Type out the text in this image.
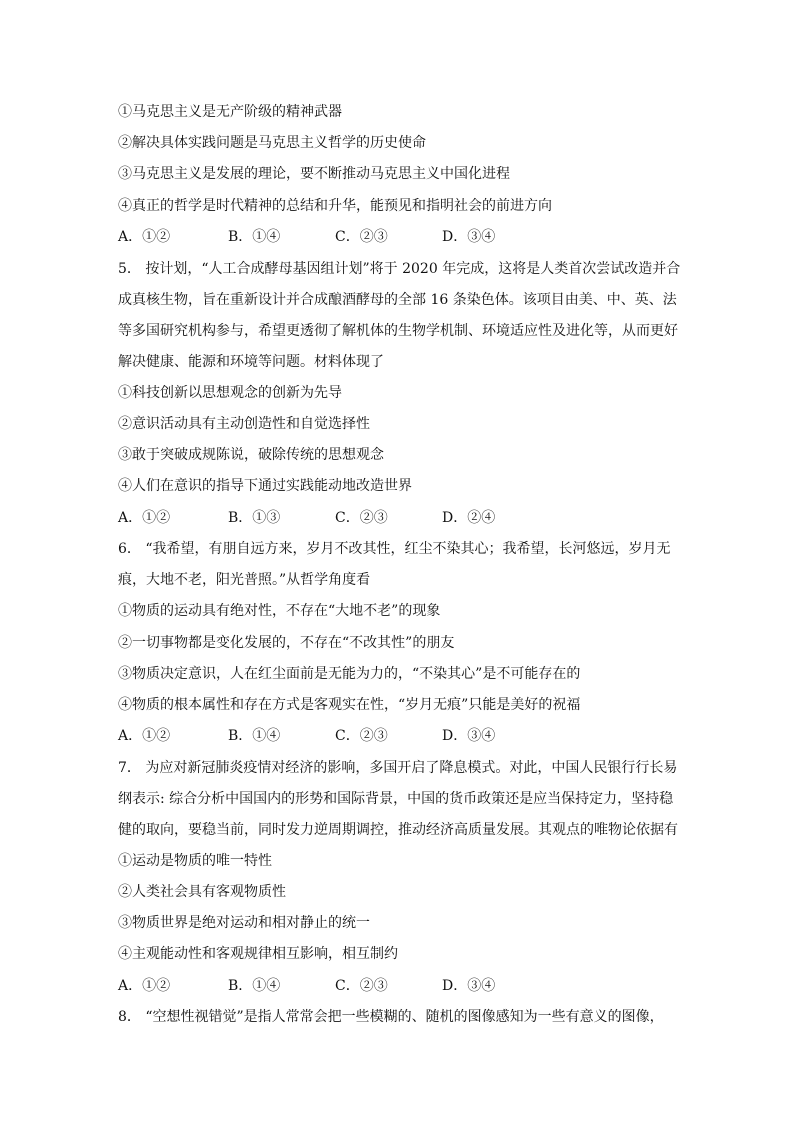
①马克思主义是无产阶级的精神武器
②解决具体实践问题是马克思主义哲学的历史使命
③马克思主义是发展的理论，要不断推动马克思主义中国化进程
④真正的哲学是时代精神的总结和升华，能预见和指明社会的前进方向
A．①②	B．①④	C．②③	D．③④
5． 按计划，“人工合成酵母基因组计划”将于 2020 年完成，这将是人类首次尝试改造并合
成真核生物，旨在重新设计并合成酿酒酵母的全部 16 条染色体。该项目由美、中、英、法
等多国研究机构参与，希望更透彻了解机体的生物学机制、环境适应性及进化等，从而更好
解决健康、能源和环境等问题。材料体现了
①科技创新以思想观念的创新为先导
②意识活动具有主动创造性和自觉选择性
③敢于突破成规陈说，破除传统的思想观念
④人们在意识的指导下通过实践能动地改造世界
A．①②	B．①③	C．②③	D．②④
6． “我希望，有朋自远方来，岁月不改其性，红尘不染其心；我希望，长河悠远，岁月无
痕，大地不老，阳光普照。”从哲学角度看
①物质的运动具有绝对性，不存在“大地不老”的现象
②一切事物都是变化发展的，不存在“不改其性”的朋友
③物质决定意识，人在红尘面前是无能为力的，“不染其心”是不可能存在的
④物质的根本属性和存在方式是客观实在性，“岁月无痕”只能是美好的祝福
A．①②	B．①④	C．②③	D．③④
7． 为应对新冠肺炎疫情对经济的影响，多国开启了降息模式。对此，中国人民银行行长易
纲表示: 综合分析中国国内的形势和国际背景，中国的货币政策还是应当保持定力，坚持稳
健的取向，要稳当前，同时发力逆周期调控，推动经济高质量发展。其观点的唯物论依据有
①运动是物质的唯一特性
②人类社会具有客观物质性
③物质世界是绝对运动和相对静止的统一
④主观能动性和客观规律相互影响，相互制约
A．①②	B．①④	C．②③	D．③④
8． “空想性视错觉”是指人常常会把一些模糊的、随机的图像感知为一些有意义的图像，
